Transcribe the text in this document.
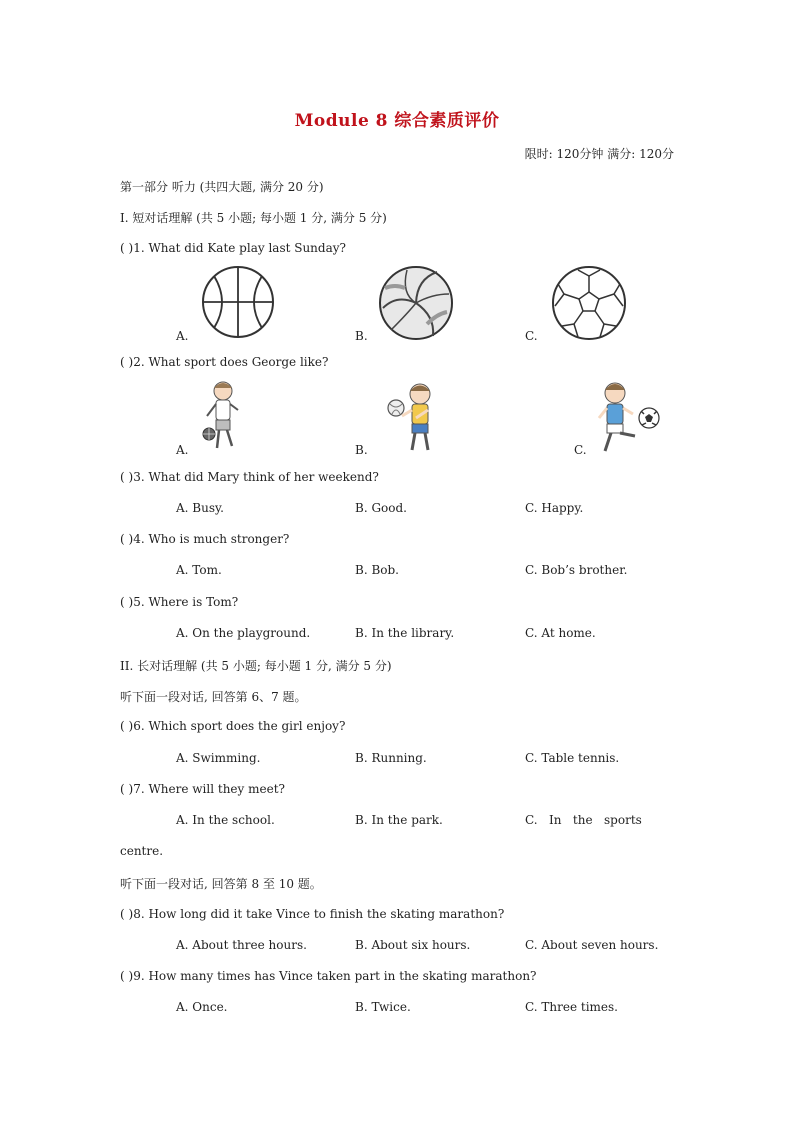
Module 8 综合素质评价
限时: 120分钟 满分: 120分
第一部分 听力 (共四大题, 满分 20 分)
I. 短对话理解 (共 5 小题; 每小题 1 分, 满分 5 分)
( )1. What did Kate play last Sunday?
A.	B.	C.
( )2. What sport does George like?
A.	B.	C.
( )3. What did Mary think of her weekend?
A. Busy.	B. Good.	C. Happy.
( )4. Who is much stronger?
A. Tom.	B. Bob.	C. Bob’s brother.
( )5. Where is Tom?
A. On the playground.	B. In the library.	C. At home.
II. 长对话理解 (共 5 小题; 每小题 1 分, 满分 5 分)
听下面一段对话, 回答第 6、7 题。
( )6. Which sport does the girl enjoy?
A. Swimming.	B. Running.	C. Table tennis.
( )7. Where will they meet?
A. In the school.	B. In the park.	C.   In   the   sports
centre.
听下面一段对话, 回答第 8 至 10 题。
( )8. How long did it take Vince to finish the skating marathon?
A. About three hours.	B. About six hours.	C. About seven hours.
( )9. How many times has Vince taken part in the skating marathon?
A. Once.	B. Twice.	C. Three times.
